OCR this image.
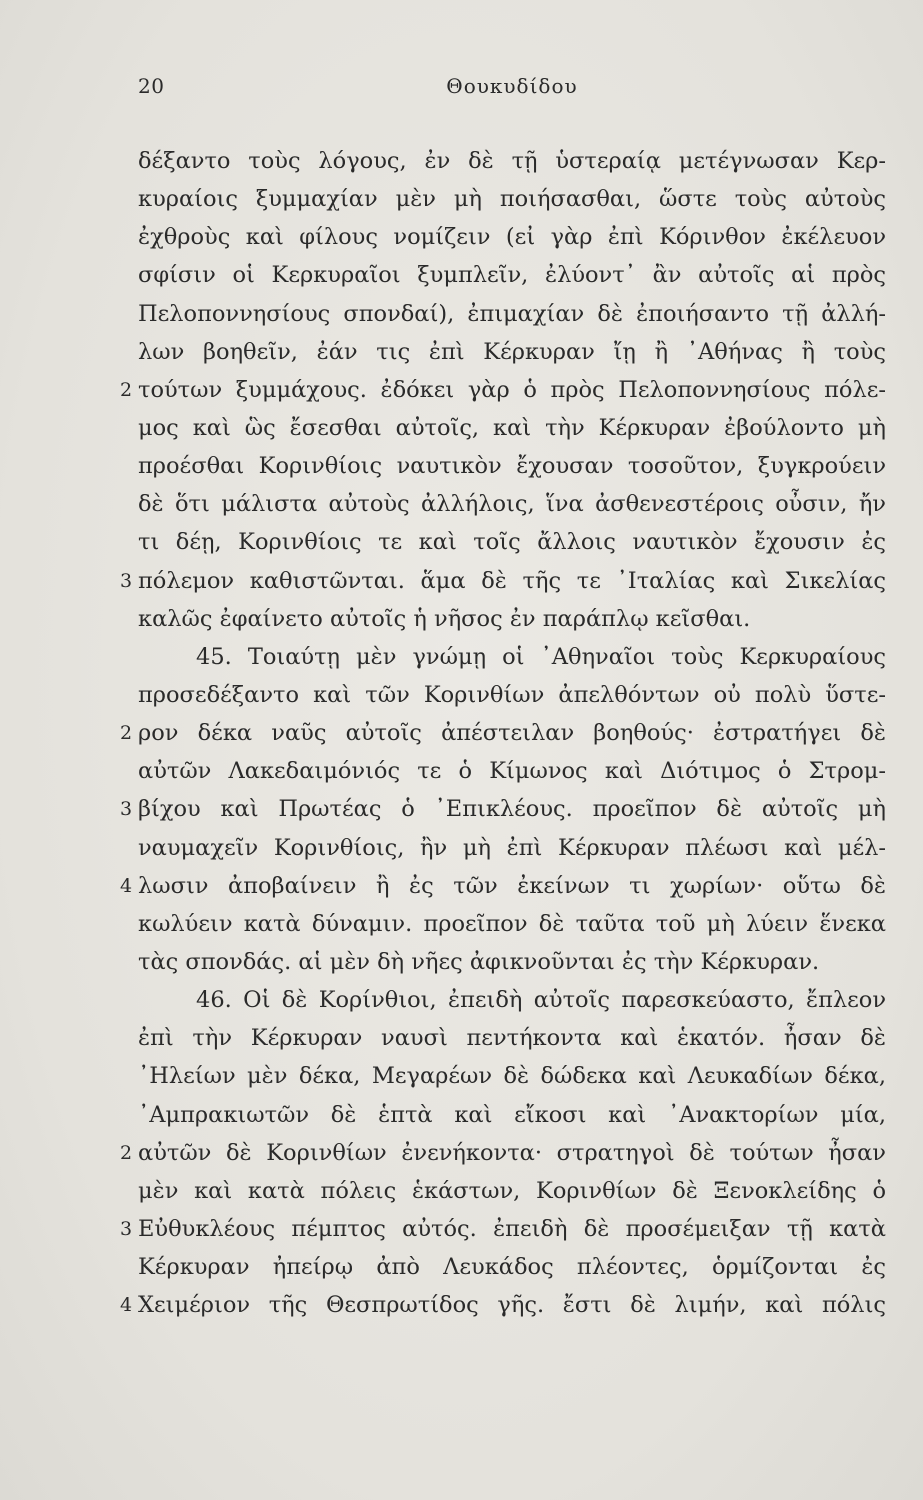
20	Θουκυδίδου
δέξαντο τοὺς λόγους, ἐν δὲ τῇ ὑστεραίᾳ μετέγνωσαν Κερ-
κυραίοις ξυμμαχίαν μὲν μὴ ποιήσασθαι, ὥστε τοὺς αὐτοὺς
ἐχθροὺς καὶ φίλους νομίζειν (εἰ γὰρ ἐπὶ Κόρινθον ἐκέλευον
σφίσιν οἱ Κερκυραῖοι ξυμπλεῖν, ἐλύοντ᾽ ἂν αὐτοῖς αἱ πρὸς
Πελοποννησίους σπονδαί), ἐπιμαχίαν δὲ ἐποιήσαντο τῇ ἀλλή-
λων βοηθεῖν, ἐάν τις ἐπὶ Κέρκυραν ἴῃ ἢ ᾽Αθήνας ἢ τοὺς
2 τούτων ξυμμάχους. ἐδόκει γὰρ ὁ πρὸς Πελοποννησίους πόλε-
μος καὶ ὣς ἔσεσθαι αὐτοῖς, καὶ τὴν Κέρκυραν ἐβούλοντο μὴ
προέσθαι Κορινθίοις ναυτικὸν ἔχουσαν τοσοῦτον, ξυγκρούειν
δὲ ὅτι μάλιστα αὐτοὺς ἀλλήλοις, ἵνα ἀσθενεστέροις οὖσιν, ἤν
τι δέῃ, Κορινθίοις τε καὶ τοῖς ἄλλοις ναυτικὸν ἔχουσιν ἐς
3 πόλεμον καθιστῶνται. ἅμα δὲ τῆς τε ᾽Ιταλίας καὶ Σικελίας
καλῶς ἐφαίνετο αὐτοῖς ἡ νῆσος ἐν παράπλῳ κεῖσθαι.
45. Τοιαύτῃ μὲν γνώμῃ οἱ ᾽Αθηναῖοι τοὺς Κερκυραίους
προσεδέξαντο καὶ τῶν Κορινθίων ἀπελθόντων οὐ πολὺ ὕστε-
2 ρον δέκα ναῦς αὐτοῖς ἀπέστειλαν βοηθούς· ἐστρατήγει δὲ
αὐτῶν Λακεδαιμόνιός τε ὁ Κίμωνος καὶ Διότιμος ὁ Στρομ-
3 βίχου καὶ Πρωτέας ὁ ᾽Επικλέους. προεῖπον δὲ αὐτοῖς μὴ
ναυμαχεῖν Κορινθίοις, ἢν μὴ ἐπὶ Κέρκυραν πλέωσι καὶ μέλ-
4 λωσιν ἀποβαίνειν ἢ ἐς τῶν ἐκείνων τι χωρίων· οὕτω δὲ
κωλύειν κατὰ δύναμιν. προεῖπον δὲ ταῦτα τοῦ μὴ λύειν ἕνεκα
τὰς σπονδάς. αἱ μὲν δὴ νῆες ἀφικνοῦνται ἐς τὴν Κέρκυραν.
46. Οἱ δὲ Κορίνθιοι, ἐπειδὴ αὐτοῖς παρεσκεύαστο, ἔπλεον
ἐπὶ τὴν Κέρκυραν ναυσὶ πεντήκοντα καὶ ἑκατόν. ἦσαν δὲ
᾽Ηλείων μὲν δέκα, Μεγαρέων δὲ δώδεκα καὶ Λευκαδίων δέκα,
᾽Αμπρακιωτῶν δὲ ἑπτὰ καὶ εἴκοσι καὶ ᾽Ανακτορίων μία,
2 αὐτῶν δὲ Κορινθίων ἐνενήκοντα· στρατηγοὶ δὲ τούτων ἦσαν
μὲν καὶ κατὰ πόλεις ἑκάστων, Κορινθίων δὲ Ξενοκλείδης ὁ
3 Εὐθυκλέους πέμπτος αὐτός. ἐπειδὴ δὲ προσέμειξαν τῇ κατὰ
Κέρκυραν ἠπείρῳ ἀπὸ Λευκάδος πλέοντες, ὁρμίζονται ἐς
4 Χειμέριον τῆς Θεσπρωτίδος γῆς. ἔστι δὲ λιμήν, καὶ πόλις
